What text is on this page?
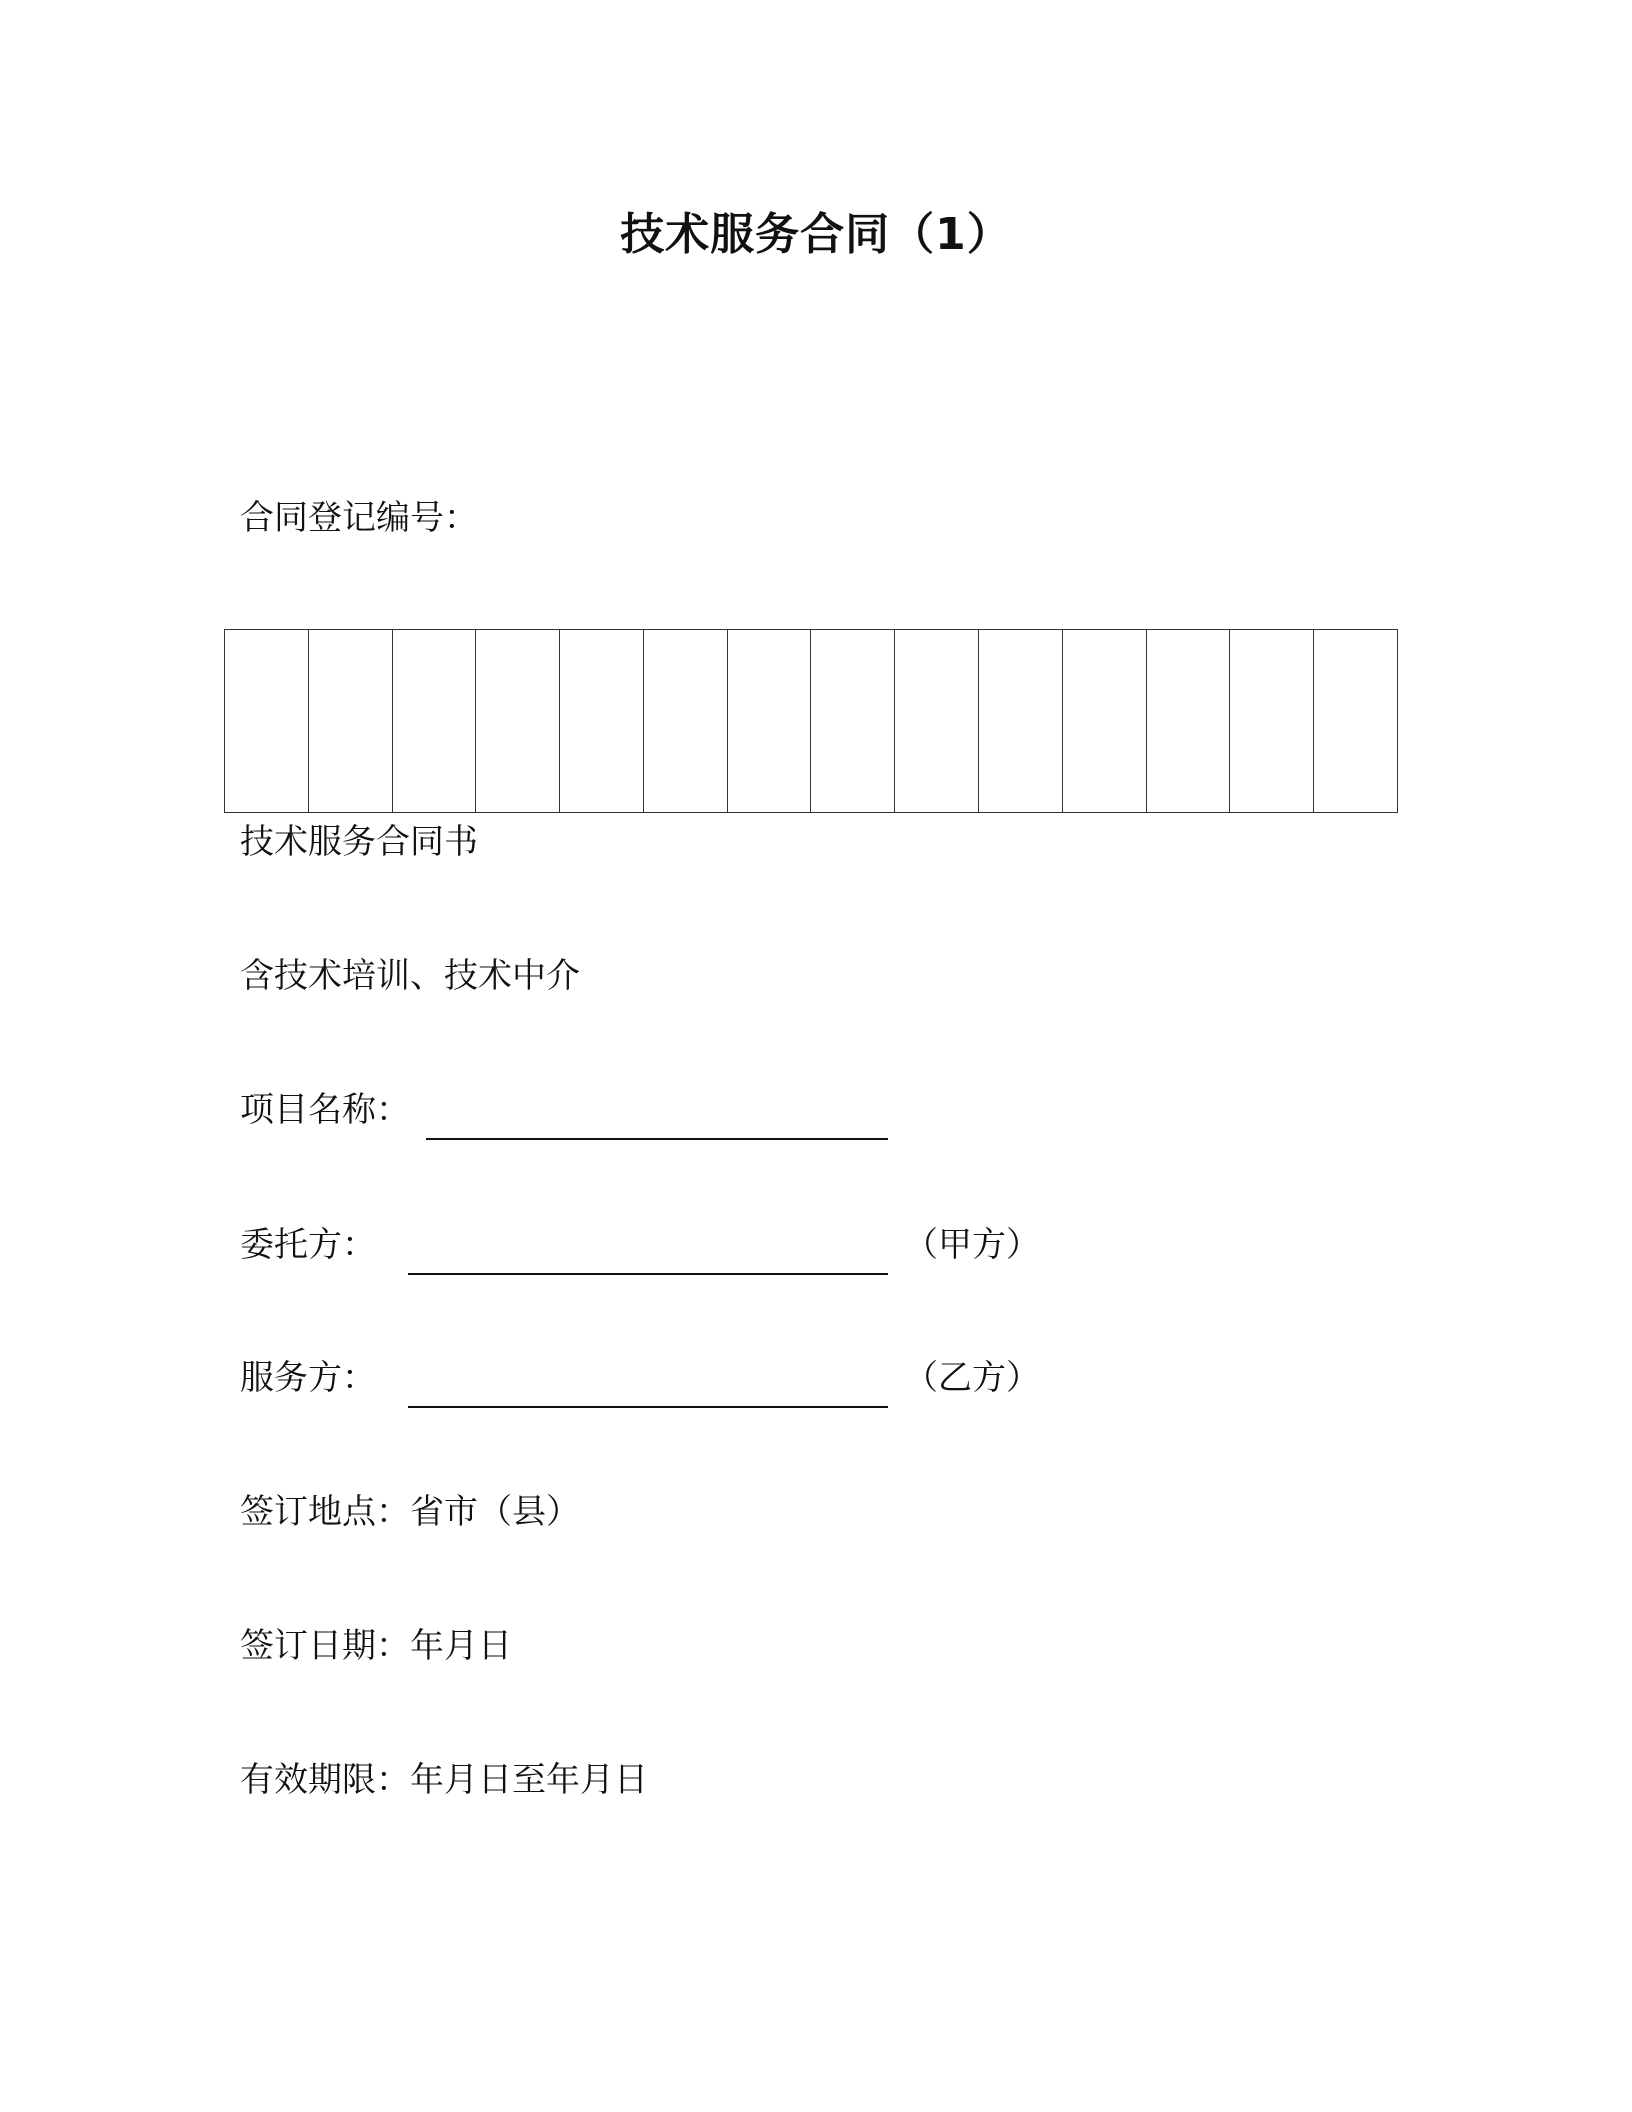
技术服务合同（1）
合同登记编号：
技术服务合同书
含技术培训、技术中介
项目名称：
委托方：	（甲方）
服务方：	（乙方）
签订地点：省市（县）
签订日期：年月日
有效期限：年月日至年月日
